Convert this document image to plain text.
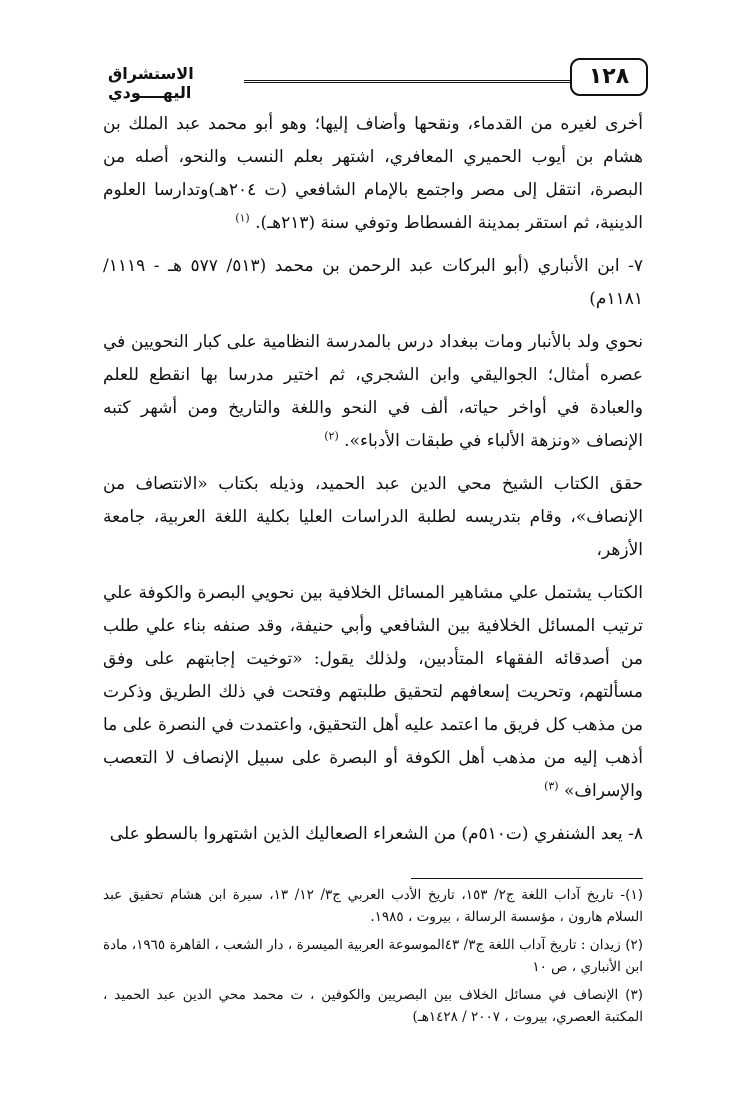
١٢٨
الاستشراق اليهــــودي

أخرى لغيره من القدماء، ونقحها وأضاف إليها؛ وهو أبو محمد عبد الملك بن هشام بن أيوب الحميري المعافري، اشتهر بعلم النسب والنحو، أصله من البصرة، انتقل إلى مصر واجتمع بالإمام الشافعي (ت ٢٠٤هـ)وتدارسا العلوم الدينية، ثم استقر بمدينة الفسطاط وتوفي سنة (٢١٣هـ). $^{(١)}$

٧- ابن الأنباري (أبو البركات عبد الرحمن بن محمد (٥١٣/ ٥٧٧ هـ - ١١١٩/ ١١٨١م)

نحوي ولد بالأنبار ومات ببغداد درس بالمدرسة النظامية على كبار النحويين في عصره أمثال؛ الجواليقي وابن الشجري، ثم اختير مدرسا بها انقطع للعلم والعبادة في أواخر حياته، ألف في النحو واللغة والتاريخ ومن أشهر كتبه الإنصاف «ونزهة الألباء في طبقات الأدباء». $^{(٢)}$

حقق الكتاب الشيخ محي الدين عبد الحميد، وذيله بكتاب «الانتصاف من الإنصاف»، وقام بتدريسه لطلبة الدراسات العليا بكلية اللغة العربية، جامعة الأزهر،

الكتاب يشتمل علي مشاهير المسائل الخلافية بين نحويي البصرة والكوفة علي ترتيب المسائل الخلافية بين الشافعي وأبي حنيفة، وقد صنفه بناء علي طلب من أصدقائه الفقهاء المتأدبين، ولذلك يقول: «توخيت إجابتهم على وفق مسألتهم، وتحريت إسعافهم لتحقيق طلبتهم وفتحت في ذلك الطريق وذكرت من مذهب كل فريق ما اعتمد عليه أهل التحقيق، واعتمدت في النصرة على ما أذهب إليه من مذهب أهل الكوفة أو البصرة على سبيل الإنصاف لا التعصب والإسراف» $^{(٣)}$

٨- يعد الشنفري (ت٥١٠م) من الشعراء الصعاليك الذين اشتهروا بالسطو على

(١)- تاريخ آداب اللغة ج٢/ ١٥٣، تاريخ الأدب العربي ج٣/ ١٢/ ١٣، سيرة ابن هشام تحقيق عبد السلام هارون ، مؤسسة الرسالة ، بيروت ، ١٩٨٥.

(٢) زيدان : تاريخ آداب اللغة ج٣/ ٤٣الموسوعة العربية الميسرة ، دار الشعب ، القاهرة ١٩٦٥، مادة ابن الأنباري ، ص ١٠

(٣) الإنصاف في مسائل الخلاف بين البصريين والكوفين ، ت محمد محي الدين عبد الحميد ، المكتبة العصري، بيروت ، ٢٠٠٧ / ١٤٢٨هـ)
